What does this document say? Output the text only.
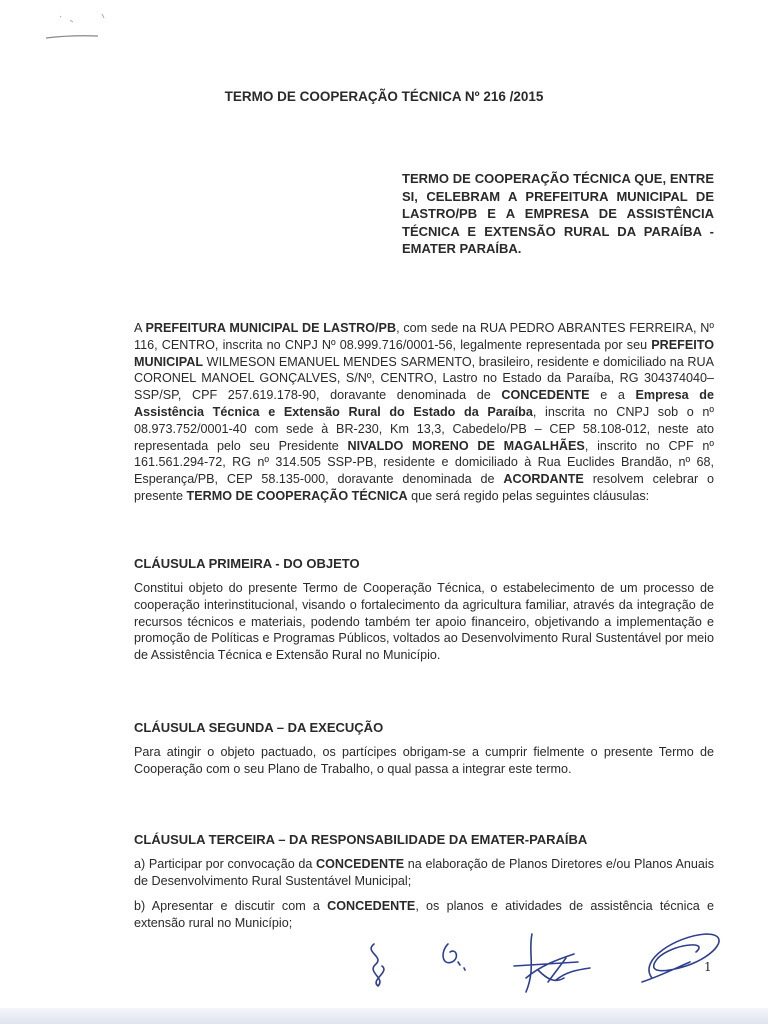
TERMO DE COOPERAÇÃO TÉCNICA Nº 216 /2015
TERMO DE COOPERAÇÃO TÉCNICA QUE, ENTRE SI, CELEBRAM A PREFEITURA MUNICIPAL DE LASTRO/PB E A EMPRESA DE ASSISTÊNCIA TÉCNICA E EXTENSÃO RURAL DA PARAÍBA - EMATER PARAÍBA.

A PREFEITURA MUNICIPAL DE LASTRO/PB, com sede na RUA PEDRO ABRANTES FERREIRA, Nº 116, CENTRO, inscrita no CNPJ Nº 08.999.716/0001-56, legalmente representada por seu PREFEITO MUNICIPAL WILMESON EMANUEL MENDES SARMENTO, brasileiro, residente e domiciliado na RUA CORONEL MANOEL GONÇALVES, S/Nº, CENTRO, Lastro no Estado da Paraíba, RG 304374040–SSP/SP, CPF 257.619.178-90, doravante denominada de CONCEDENTE e a Empresa de Assistência Técnica e Extensão Rural do Estado da Paraíba, inscrita no CNPJ sob o nº 08.973.752/0001-40 com sede à BR-230, Km 13,3, Cabedelo/PB – CEP 58.108-012, neste ato representada pelo seu Presidente NIVALDO MORENO DE MAGALHÃES, inscrito no CPF nº 161.561.294-72, RG nº 314.505 SSP-PB, residente e domiciliado à Rua Euclides Brandão, nº 68, Esperança/PB, CEP 58.135-000, doravante denominada de ACORDANTE resolvem celebrar o presente TERMO DE COOPERAÇÃO TÉCNICA que será regido pelas seguintes cláusulas:

CLÁUSULA PRIMEIRA - DO OBJETO

Constitui objeto do presente Termo de Cooperação Técnica, o estabelecimento de um processo de cooperação interinstitucional, visando o fortalecimento da agricultura familiar, através da integração de recursos técnicos e materiais, podendo também ter apoio financeiro, objetivando a implementação e promoção de Políticas e Programas Públicos, voltados ao Desenvolvimento Rural Sustentável por meio de Assistência Técnica e Extensão Rural no Município.

CLÁUSULA SEGUNDA – DA EXECUÇÃO

Para atingir o objeto pactuado, os partícipes obrigam-se a cumprir fielmente o presente Termo de Cooperação com o seu Plano de Trabalho, o qual passa a integrar este termo.

CLÁUSULA TERCEIRA – DA RESPONSABILIDADE DA EMATER-PARAÍBA

a) Participar por convocação da CONCEDENTE na elaboração de Planos Diretores e/ou Planos Anuais de Desenvolvimento Rural Sustentável Municipal;

b) Apresentar e discutir com a CONCEDENTE, os planos e atividades de assistência técnica e extensão rural no Município;

1
